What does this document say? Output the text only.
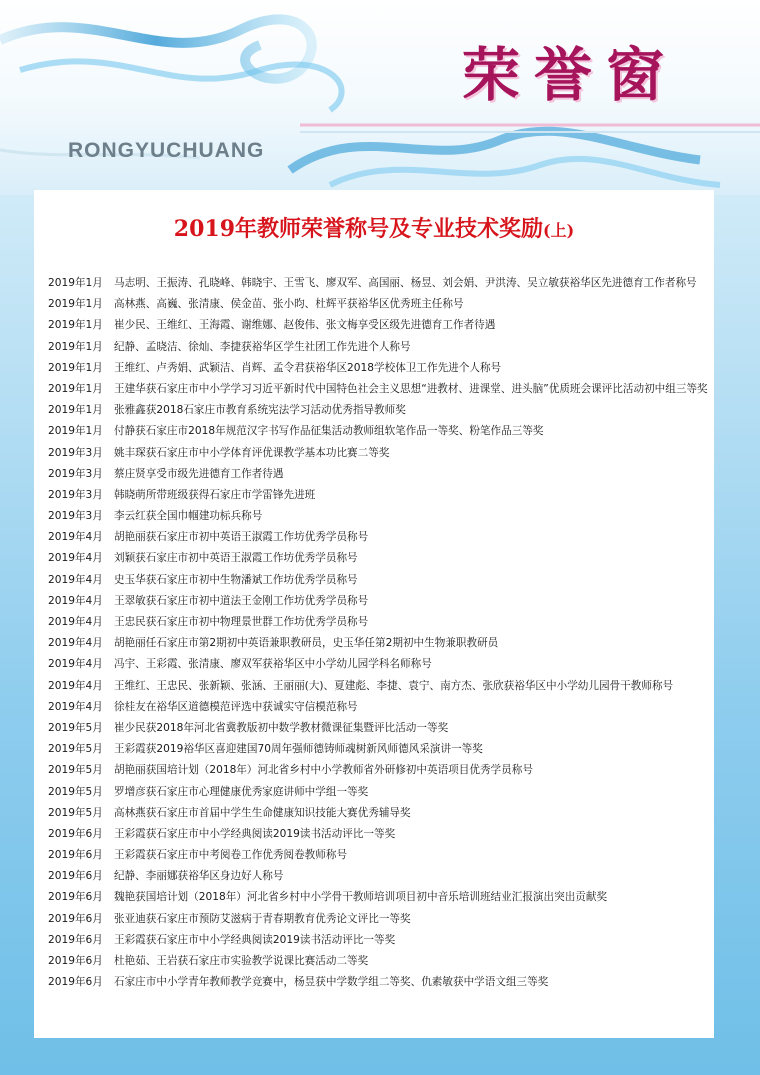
荣誉窗
RONGYUCHUANG
2019年教师荣誉称号及专业技术奖励(上)
2019年1月	马志明、王振涛、孔晓峰、韩晓宇、王雪飞、廖双军、高国丽、杨昱、刘会娟、尹洪涛、吴立敏获裕华区先进德育工作者称号
2019年1月	高林燕、高巍、张清康、侯金苗、张小昀、杜辉平获裕华区优秀班主任称号
2019年1月	崔少民、王维红、王海霞、谢维娜、赵俊伟、张文梅享受区级先进德育工作者待遇
2019年1月	纪静、孟晓洁、徐灿、李捷获裕华区学生社团工作先进个人称号
2019年1月	王维红、卢秀娟、武颖洁、肖辉、孟令君获裕华区2018学校体卫工作先进个人称号
2019年1月	王建华获石家庄市中小学学习习近平新时代中国特色社会主义思想“进教材、进课堂、进头脑”优质班会课评比活动初中组三等奖
2019年1月	张雅鑫获2018石家庄市教育系统宪法学习活动优秀指导教师奖
2019年1月	付静获石家庄市2018年规范汉字书写作品征集活动教师组软笔作品一等奖、粉笔作品三等奖
2019年3月	姚丰琛获石家庄市中小学体育评优课教学基本功比赛二等奖
2019年3月	蔡庄贤享受市级先进德育工作者待遇
2019年3月	韩晓萌所带班级获得石家庄市学雷锋先进班
2019年3月	李云红获全国巾帼建功标兵称号
2019年4月	胡艳丽获石家庄市初中英语王淑霞工作坊优秀学员称号
2019年4月	刘颖获石家庄市初中英语王淑霞工作坊优秀学员称号
2019年4月	史玉华获石家庄市初中生物潘斌工作坊优秀学员称号
2019年4月	王翠敏获石家庄市初中道法王金刚工作坊优秀学员称号
2019年4月	王忠民获石家庄市初中物理景世群工作坊优秀学员称号
2019年4月	胡艳丽任石家庄市第2期初中英语兼职教研员，史玉华任第2期初中生物兼职教研员
2019年4月	冯宇、王彩霞、张清康、廖双军获裕华区中小学幼儿园学科名师称号
2019年4月	王维红、王忠民、张新颖、张涵、王丽丽(大)、夏建彪、李捷、袁宁、南方杰、张欣获裕华区中小学幼儿园骨干教师称号
2019年4月	徐桂友在裕华区道德模范评选中获诚实守信模范称号
2019年5月	崔少民获2018年河北省冀教版初中数学教材微课征集暨评比活动一等奖
2019年5月	王彩霞获2019裕华区喜迎建国70周年强师德铸师魂树新风师德风采演讲一等奖
2019年5月	胡艳丽获国培计划（2018年）河北省乡村中小学教师省外研修初中英语项目优秀学员称号
2019年5月	罗增彦获石家庄市心理健康优秀家庭讲师中学组一等奖
2019年5月	高林燕获石家庄市首届中学生生命健康知识技能大赛优秀辅导奖
2019年6月	王彩霞获石家庄市中小学经典阅读2019读书活动评比一等奖
2019年6月	王彩霞获石家庄市中考阅卷工作优秀阅卷教师称号
2019年6月	纪静、李丽娜获裕华区身边好人称号
2019年6月	魏艳获国培计划（2018年）河北省乡村中小学骨干教师培训项目初中音乐培训班结业汇报演出突出贡献奖
2019年6月	张亚迪获石家庄市预防艾滋病于青春期教育优秀论文评比一等奖
2019年6月	王彩霞获石家庄市中小学经典阅读2019读书活动评比一等奖
2019年6月	杜艳茹、王岩获石家庄市实验教学说课比赛活动二等奖
2019年6月	石家庄市中小学青年教师教学竞赛中，杨昱获中学数学组二等奖、仇素敏获中学语文组三等奖
